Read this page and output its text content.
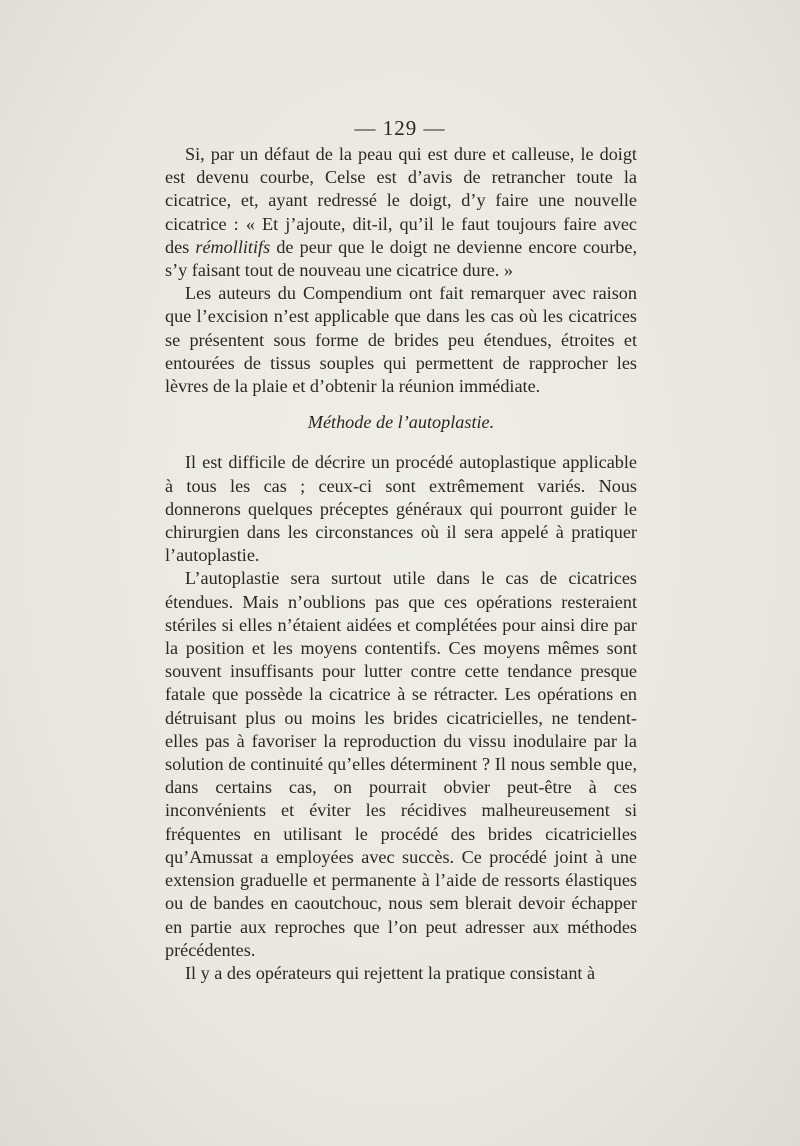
— 129 —

Si, par un défaut de la peau qui est dure et calleuse, le doigt est devenu courbe, Celse est d’avis de retrancher toute la cicatrice, et, ayant redressé le doigt, d’y faire une nouvelle cicatrice : « Et j’ajoute, dit-il, qu’il le faut toujours faire avec des rémollitifs de peur que le doigt ne devienne encore courbe, s’y faisant tout de nouveau une cicatrice dure. »

Les auteurs du Compendium ont fait remarquer avec raison que l’excision n’est applicable que dans les cas où les cicatrices se présentent sous forme de brides peu étendues, étroites et entourées de tissus souples qui permettent de rapprocher les lèvres de la plaie et d’obtenir la réunion immédiate.

Méthode de l’autoplastie.

Il est difficile de décrire un procédé autoplastique applicable à tous les cas ; ceux-ci sont extrêmement variés. Nous donnerons quelques préceptes généraux qui pourront guider le chirurgien dans les circonstances où il sera appelé à pratiquer l’autoplastie.

L’autoplastie sera surtout utile dans le cas de cicatrices étendues. Mais n’oublions pas que ces opérations resteraient stériles si elles n’étaient aidées et complétées pour ainsi dire par la position et les moyens contentifs. Ces moyens mêmes sont souvent insuffisants pour lutter contre cette tendance presque fatale que possède la cicatrice à se rétracter. Les opérations en détruisant plus ou moins les brides cicatricielles, ne tendent-elles pas à favoriser la reproduction du vissu inodulaire par la solution de continuité qu’elles déterminent ? Il nous semble que, dans certains cas, on pourrait obvier peut-être à ces inconvénients et éviter les récidives malheureusement si fréquentes en utilisant le procédé des brides cicatricielles qu’Amussat a employées avec succès. Ce procédé joint à une extension graduelle et permanente à l’aide de ressorts élastiques ou de bandes en caoutchouc, nous sem blerait devoir échapper en partie aux reproches que l’on peut adresser aux méthodes précédentes.

Il y a des opérateurs qui rejettent la pratique consistant à
